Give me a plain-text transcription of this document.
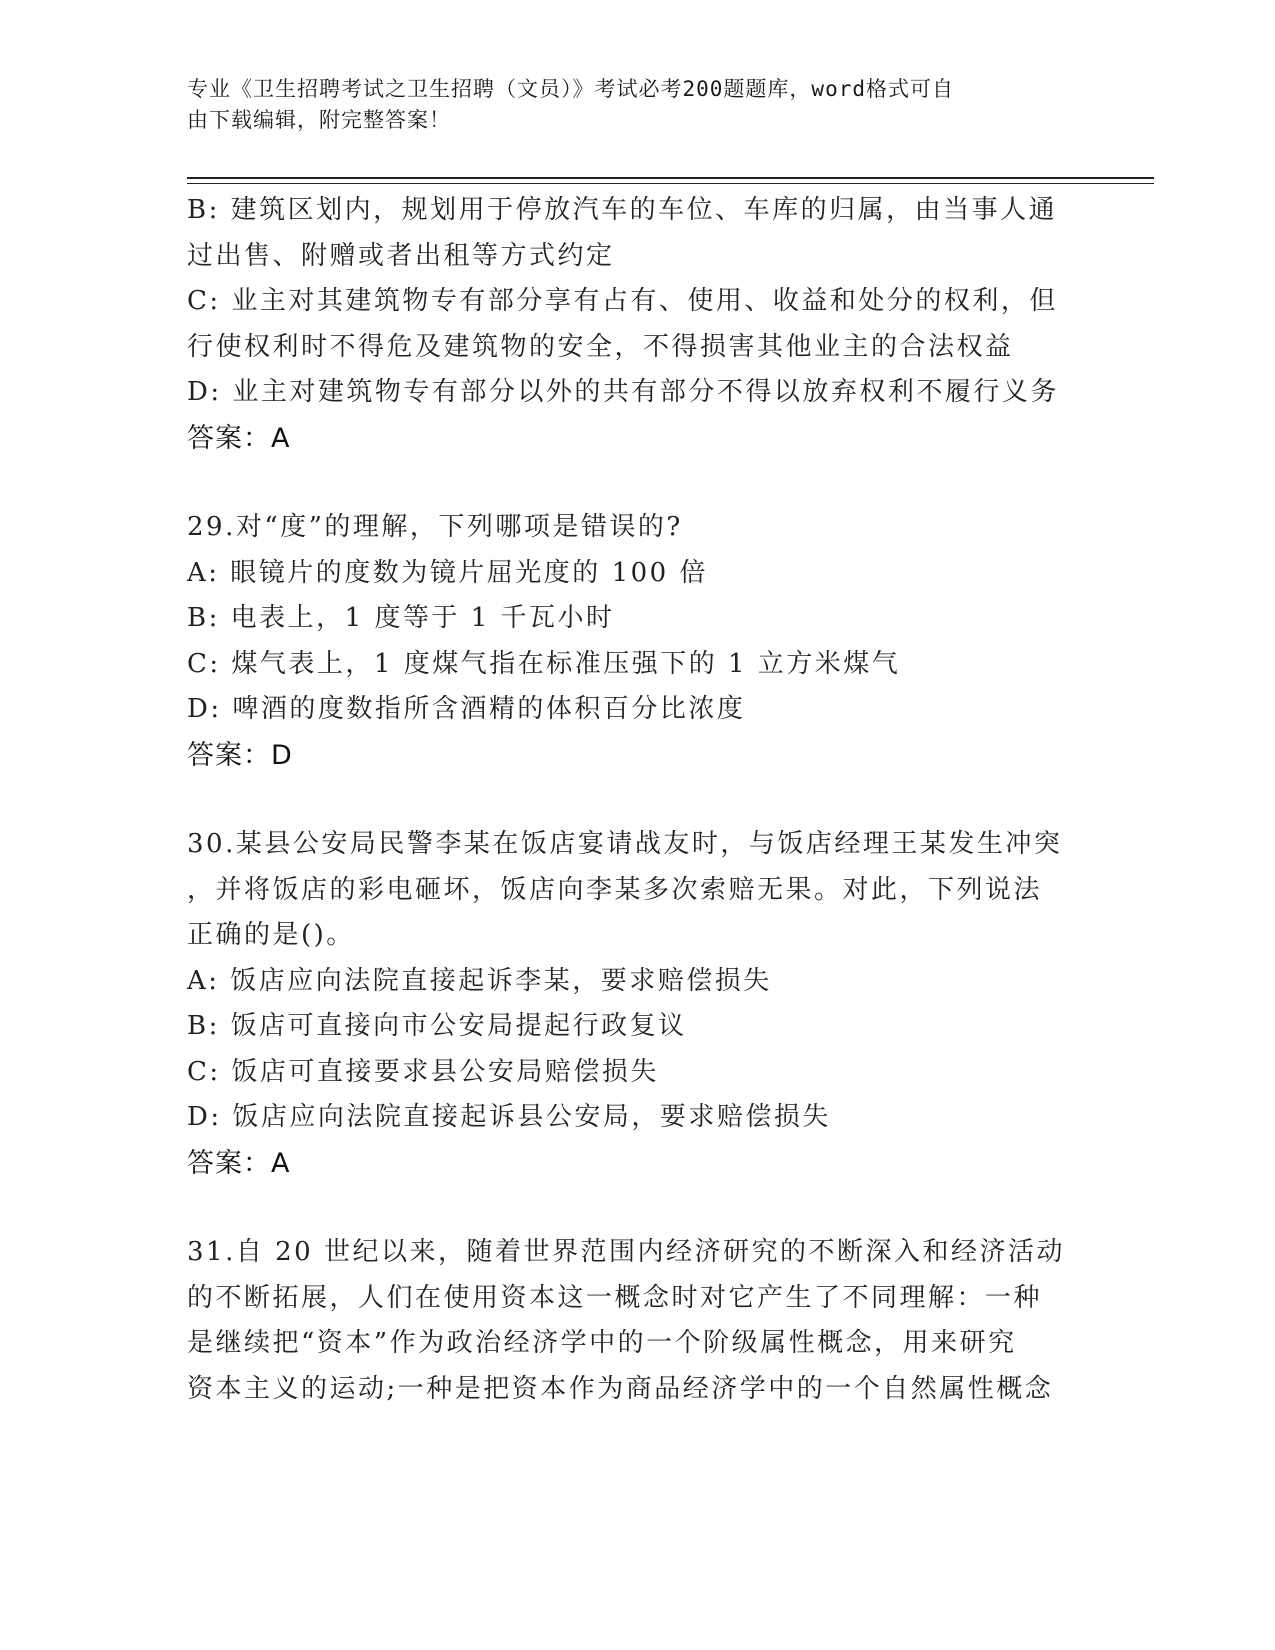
专业《卫生招聘考试之卫生招聘（文员）》考试必考200题题库，word格式可自
由下载编辑，附完整答案！
B: 建筑区划内，规划用于停放汽车的车位、车库的归属，由当事人通
过出售、附赠或者出租等方式约定
C: 业主对其建筑物专有部分享有占有、使用、收益和处分的权利，但
行使权利时不得危及建筑物的安全，不得损害其他业主的合法权益
D: 业主对建筑物专有部分以外的共有部分不得以放弃权利不履行义务
答案：A
29.对“度”的理解，下列哪项是错误的?
A: 眼镜片的度数为镜片屈光度的 100 倍
B: 电表上，1 度等于 1 千瓦小时
C: 煤气表上，1 度煤气指在标准压强下的 1 立方米煤气
D: 啤酒的度数指所含酒精的体积百分比浓度
答案：D
30.某县公安局民警李某在饭店宴请战友时，与饭店经理王某发生冲突
，并将饭店的彩电砸坏，饭店向李某多次索赔无果。对此，下列说法
正确的是()。
A: 饭店应向法院直接起诉李某，要求赔偿损失
B: 饭店可直接向市公安局提起行政复议
C: 饭店可直接要求县公安局赔偿损失
D: 饭店应向法院直接起诉县公安局，要求赔偿损失
答案：A
31.自 20 世纪以来，随着世界范围内经济研究的不断深入和经济活动
的不断拓展，人们在使用资本这一概念时对它产生了不同理解：一种
是继续把“资本”作为政治经济学中的一个阶级属性概念，用来研究
资本主义的运动;一种是把资本作为商品经济学中的一个自然属性概念
